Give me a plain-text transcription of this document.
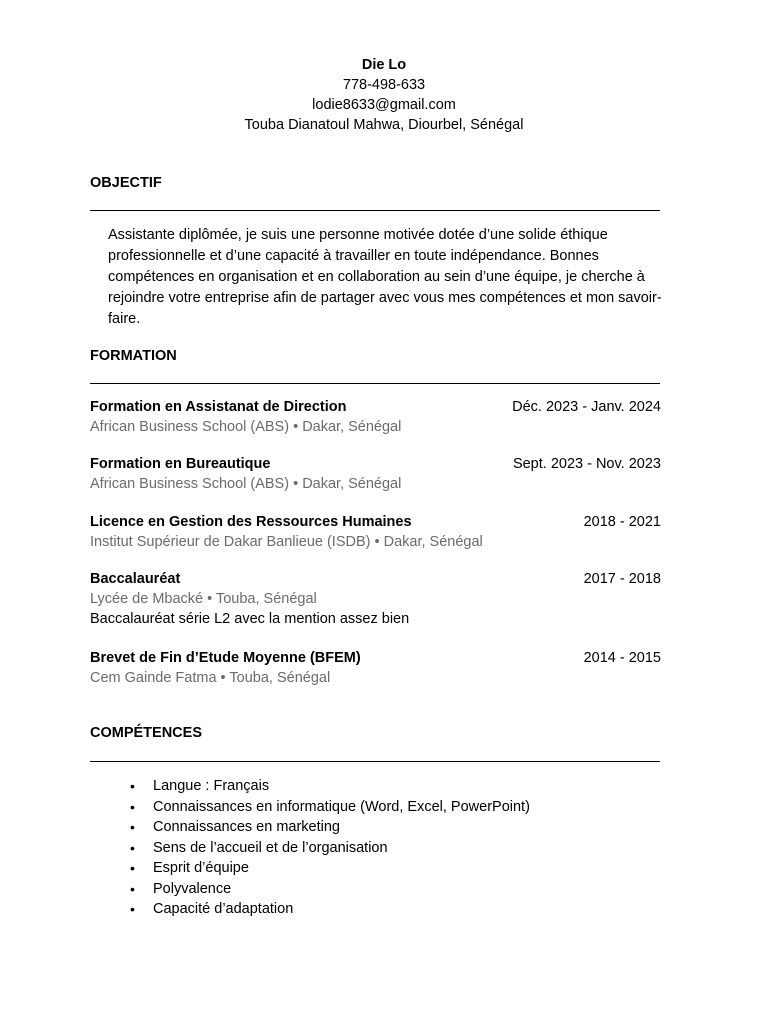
Die Lo
778-498-633
lodie8633@gmail.com
Touba Dianatoul Mahwa, Diourbel, Sénégal
OBJECTIF
Assistante diplômée, je suis une personne motivée dotée d’une solide éthique professionnelle et d’une capacité à travailler en toute indépendance. Bonnes compétences en organisation et en collaboration au sein d’une équipe, je cherche à rejoindre votre entreprise afin de partager avec vous mes compétences et mon savoir-faire.
FORMATION
Formation en Assistanat de Direction	Déc. 2023 - Janv. 2024
African Business School (ABS) • Dakar, Sénégal
Formation en Bureautique	Sept. 2023 - Nov. 2023
African Business School (ABS) • Dakar, Sénégal
Licence en Gestion des Ressources Humaines	2018 - 2021
Institut Supérieur de Dakar Banlieue (ISDB) • Dakar, Sénégal
Baccalauréat	2017 - 2018
Lycée de Mbacké • Touba, Sénégal
Baccalauréat série L2 avec la mention assez bien
Brevet de Fin d’Etude Moyenne (BFEM)	2014 - 2015
Cem Gainde Fatma • Touba, Sénégal
COMPÉTENCES
• Langue : Français
• Connaissances en informatique (Word, Excel, PowerPoint)
• Connaissances en marketing
• Sens de l’accueil et de l’organisation
• Esprit d’équipe
• Polyvalence
• Capacité d’adaptation
